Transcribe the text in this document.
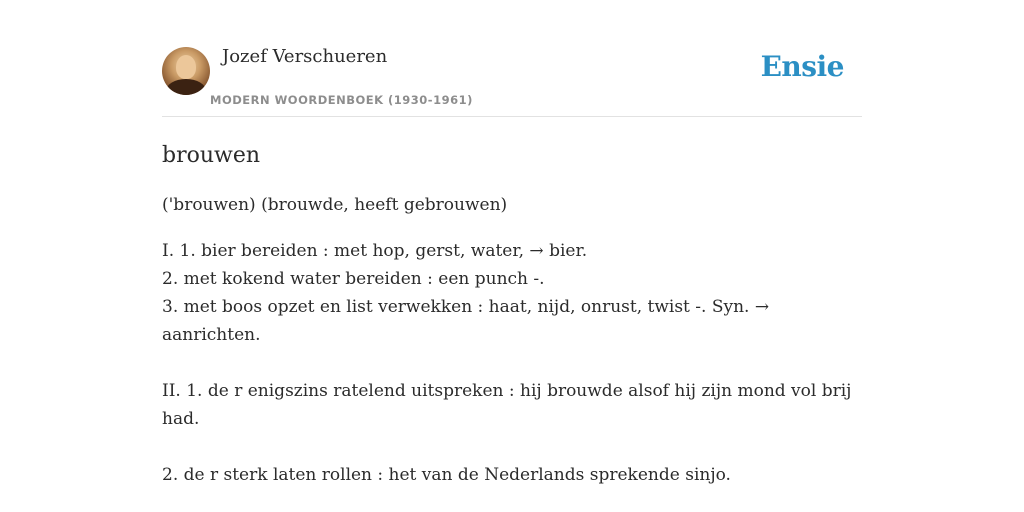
Jozef Verschueren
MODERN WOORDENBOEK (1930-1961)
Ensie
brouwen
('brouwen) (brouwde, heeft gebrouwen)

I. 1. bier bereiden : met hop, gerst, water, → bier.

2. met kokend water bereiden : een punch -.

3. met boos opzet en list verwekken : haat, nijd, onrust, twist -. Syn. → aanrichten.

II. 1. de r enigszins ratelend uitspreken : hij brouwde alsof hij zijn mond vol brij had.

2. de r sterk laten rollen : het van de Nederlands sprekende sinjo.
